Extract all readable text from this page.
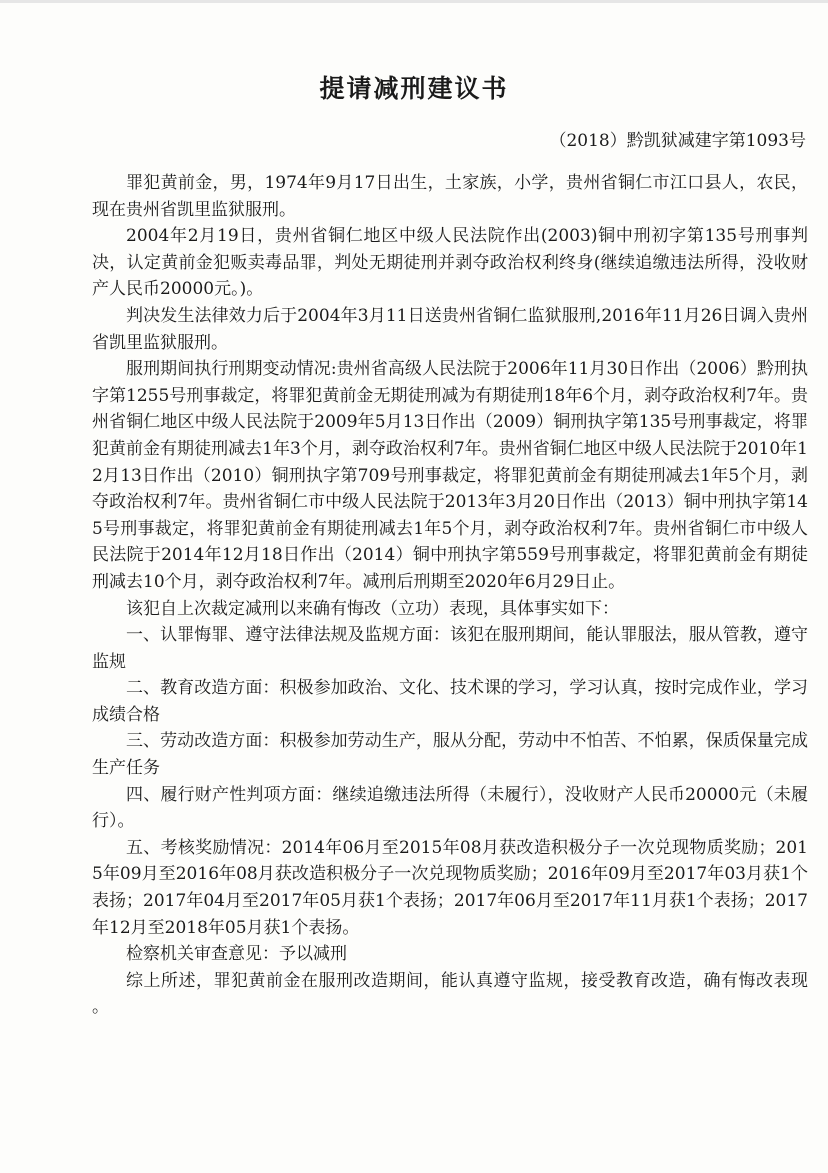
提请减刑建议书

（2018）黔凯狱减建字第1093号

罪犯黄前金，男，1974年9月17日出生，土家族，小学，贵州省铜仁市江口县人，农民，现在贵州省凯里监狱服刑。

2004年2月19日，贵州省铜仁地区中级人民法院作出(2003)铜中刑初字第135号刑事判决，认定黄前金犯贩卖毒品罪，判处无期徒刑并剥夺政治权利终身(继续追缴违法所得，没收财产人民币20000元。)。

判决发生法律效力后于2004年3月11日送贵州省铜仁监狱服刑,2016年11月26日调入贵州省凯里监狱服刑。

服刑期间执行刑期变动情况:贵州省高级人民法院于2006年11月30日作出（2006）黔刑执字第1255号刑事裁定，将罪犯黄前金无期徒刑减为有期徒刑18年6个月，剥夺政治权利7年。贵州省铜仁地区中级人民法院于2009年5月13日作出（2009）铜刑执字第135号刑事裁定，将罪犯黄前金有期徒刑减去1年3个月，剥夺政治权利7年。贵州省铜仁地区中级人民法院于2010年12月13日作出（2010）铜刑执字第709号刑事裁定，将罪犯黄前金有期徒刑减去1年5个月，剥夺政治权利7年。贵州省铜仁市中级人民法院于2013年3月20日作出（2013）铜中刑执字第145号刑事裁定，将罪犯黄前金有期徒刑减去1年5个月，剥夺政治权利7年。贵州省铜仁市中级人民法院于2014年12月18日作出（2014）铜中刑执字第559号刑事裁定，将罪犯黄前金有期徒刑减去10个月，剥夺政治权利7年。减刑后刑期至2020年6月29日止。

该犯自上次裁定减刑以来确有悔改（立功）表现，具体事实如下：

一、认罪悔罪、遵守法律法规及监规方面：该犯在服刑期间，能认罪服法，服从管教，遵守监规

二、教育改造方面：积极参加政治、文化、技术课的学习，学习认真，按时完成作业，学习成绩合格

三、劳动改造方面：积极参加劳动生产，服从分配，劳动中不怕苦、不怕累，保质保量完成生产任务

四、履行财产性判项方面：继续追缴违法所得（未履行），没收财产人民币20000元（未履行）。

五、考核奖励情况：2014年06月至2015年08月获改造积极分子一次兑现物质奖励；2015年09月至2016年08月获改造积极分子一次兑现物质奖励；2016年09月至2017年03月获1个表扬；2017年04月至2017年05月获1个表扬；2017年06月至2017年11月获1个表扬；2017年12月至2018年05月获1个表扬。

检察机关审查意见：予以减刑

综上所述，罪犯黄前金在服刑改造期间，能认真遵守监规，接受教育改造，确有悔改表现 。
